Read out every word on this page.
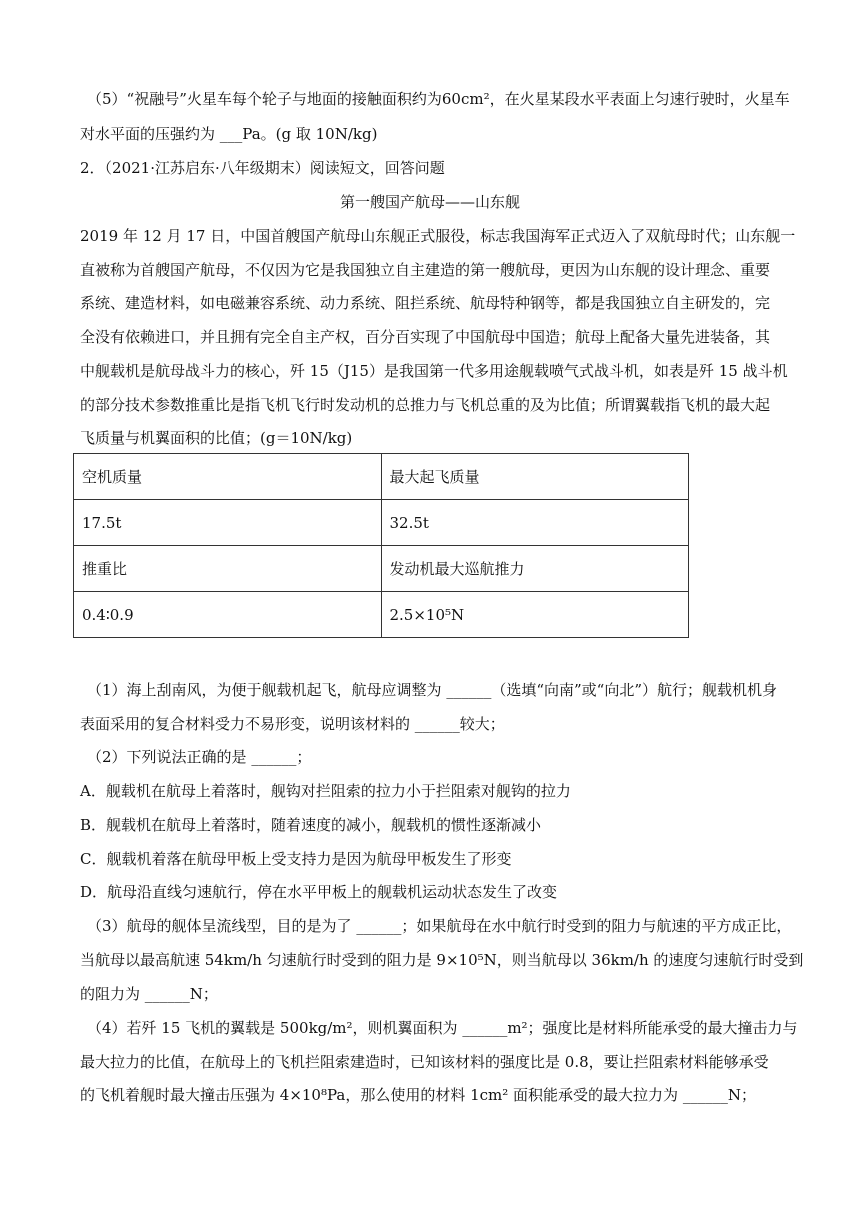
（5）“祝融号”火星车每个轮子与地面的接触面积约为60cm²，在火星某段水平表面上匀速行驶时，火星车
对水平面的压强约为 ___Pa。(g 取 10N/kg)
2．（2021·江苏启东·八年级期末）阅读短文，回答问题
第一艘国产航母——山东舰
2019 年 12 月 17 日，中国首艘国产航母山东舰正式服役，标志我国海军正式迈入了双航母时代；山东舰一
直被称为首艘国产航母，不仅因为它是我国独立自主建造的第一艘航母，更因为山东舰的设计理念、重要
系统、建造材料，如电磁兼容系统、动力系统、阻拦系统、航母特种钢等，都是我国独立自主研发的，完
全没有依赖进口，并且拥有完全自主产权，百分百实现了中国航母中国造；航母上配备大量先进装备，其
中舰载机是航母战斗力的核心，歼 15（J15）是我国第一代多用途舰载喷气式战斗机，如表是歼 15 战斗机
的部分技术参数推重比是指飞机飞行时发动机的总推力与飞机总重的及为比值；所谓翼载指飞机的最大起
飞质量与机翼面积的比值；(g＝10N/kg)
空机质量	最大起飞质量
17.5t	32.5t
推重比	发动机最大巡航推力
0.4∶0.9	2.5×10⁵N
（1）海上刮南风，为便于舰载机起飞，航母应调整为 ______（选填“向南”或“向北”）航行；舰载机机身
表面采用的复合材料受力不易形变，说明该材料的 ______较大；
（2）下列说法正确的是 ______；
A．舰载机在航母上着落时，舰钩对拦阻索的拉力小于拦阻索对舰钩的拉力
B．舰载机在航母上着落时，随着速度的减小，舰载机的惯性逐渐减小
C．舰载机着落在航母甲板上受支持力是因为航母甲板发生了形变
D．航母沿直线匀速航行，停在水平甲板上的舰载机运动状态发生了改变
（3）航母的舰体呈流线型，目的是为了 ______；如果航母在水中航行时受到的阻力与航速的平方成正比，
当航母以最高航速 54km/h 匀速航行时受到的阻力是 9×10⁵N，则当航母以 36km/h 的速度匀速航行时受到
的阻力为 ______N；
（4）若歼 15 飞机的翼载是 500kg/m²，则机翼面积为 ______m²；强度比是材料所能承受的最大撞击力与
最大拉力的比值，在航母上的飞机拦阻索建造时，已知该材料的强度比是 0.8，要让拦阻索材料能够承受
的飞机着舰时最大撞击压强为 4×10⁸Pa，那么使用的材料 1cm² 面积能承受的最大拉力为 ______N；
